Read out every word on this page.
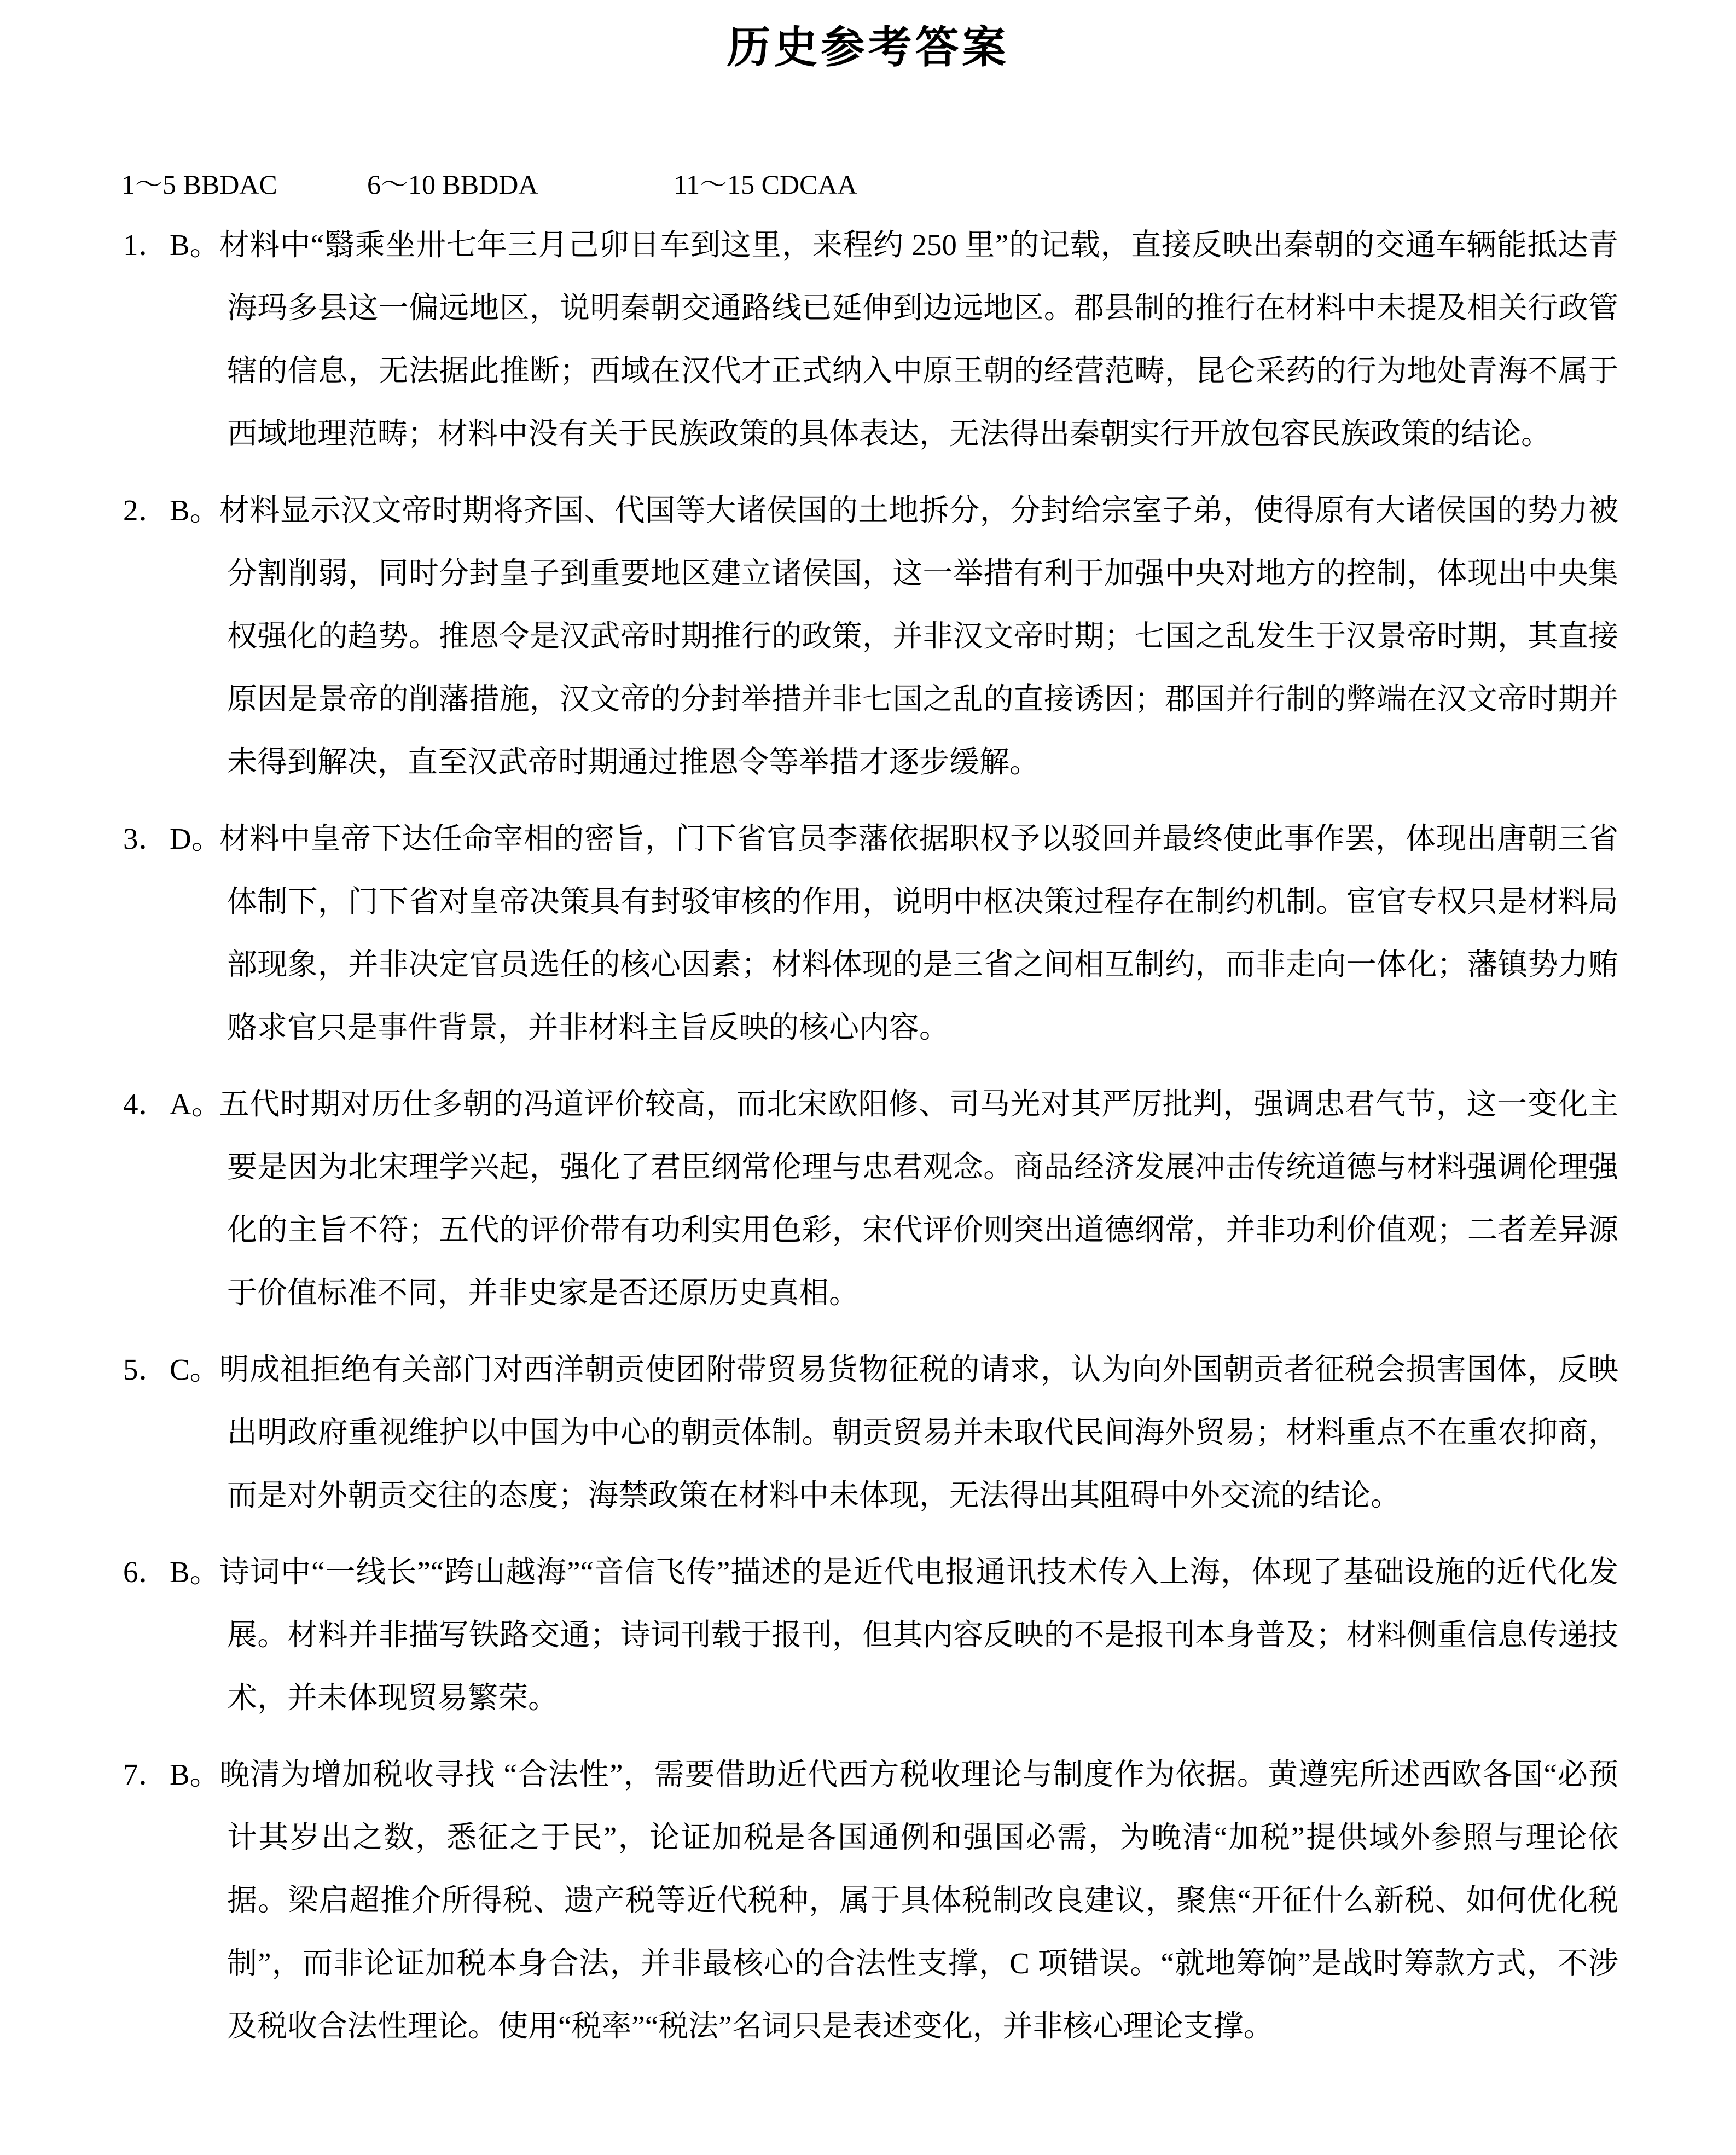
历史参考答案
1～5 BBDAC	6～10 BBDDA	11～15 CDCAA

1．B。材料中“翳乘坐卅七年三月己卯日车到这里，来程约 250 里”的记载，直接反映出秦朝的交通车辆能抵达青海玛多县这一偏远地区，说明秦朝交通路线已延伸到边远地区。郡县制的推行在材料中未提及相关行政管辖的信息，无法据此推断；西域在汉代才正式纳入中原王朝的经营范畴，昆仑采药的行为地处青海不属于西域地理范畴；材料中没有关于民族政策的具体表达，无法得出秦朝实行开放包容民族政策的结论。

2．B。材料显示汉文帝时期将齐国、代国等大诸侯国的土地拆分，分封给宗室子弟，使得原有大诸侯国的势力被分割削弱，同时分封皇子到重要地区建立诸侯国，这一举措有利于加强中央对地方的控制，体现出中央集权强化的趋势。推恩令是汉武帝时期推行的政策，并非汉文帝时期；七国之乱发生于汉景帝时期，其直接原因是景帝的削藩措施，汉文帝的分封举措并非七国之乱的直接诱因；郡国并行制的弊端在汉文帝时期并未得到解决，直至汉武帝时期通过推恩令等举措才逐步缓解。

3．D。材料中皇帝下达任命宰相的密旨，门下省官员李藩依据职权予以驳回并最终使此事作罢，体现出唐朝三省体制下，门下省对皇帝决策具有封驳审核的作用，说明中枢决策过程存在制约机制。宦官专权只是材料局部现象，并非决定官员选任的核心因素；材料体现的是三省之间相互制约，而非走向一体化；藩镇势力贿赂求官只是事件背景，并非材料主旨反映的核心内容。

4．A。五代时期对历仕多朝的冯道评价较高，而北宋欧阳修、司马光对其严厉批判，强调忠君气节，这一变化主要是因为北宋理学兴起，强化了君臣纲常伦理与忠君观念。商品经济发展冲击传统道德与材料强调伦理强化的主旨不符；五代的评价带有功利实用色彩，宋代评价则突出道德纲常，并非功利价值观；二者差异源于价值标准不同，并非史家是否还原历史真相。

5．C。明成祖拒绝有关部门对西洋朝贡使团附带贸易货物征税的请求，认为向外国朝贡者征税会损害国体，反映出明政府重视维护以中国为中心的朝贡体制。朝贡贸易并未取代民间海外贸易；材料重点不在重农抑商，而是对外朝贡交往的态度；海禁政策在材料中未体现，无法得出其阻碍中外交流的结论。

6．B。诗词中“一线长”“跨山越海”“音信飞传”描述的是近代电报通讯技术传入上海，体现了基础设施的近代化发展。材料并非描写铁路交通；诗词刊载于报刊，但其内容反映的不是报刊本身普及；材料侧重信息传递技术，并未体现贸易繁荣。

7．B。晚清为增加税收寻找 “合法性”，需要借助近代西方税收理论与制度作为依据。黄遵宪所述西欧各国“必预计其岁出之数，悉征之于民”，论证加税是各国通例和强国必需，为晚清“加税”提供域外参照与理论依据。梁启超推介所得税、遗产税等近代税种，属于具体税制改良建议，聚焦“开征什么新税、如何优化税制”，而非论证加税本身合法，并非最核心的合法性支撑，C 项错误。“就地筹饷”是战时筹款方式，不涉及税收合法性理论。使用“税率”“税法”名词只是表述变化，并非核心理论支撑。
